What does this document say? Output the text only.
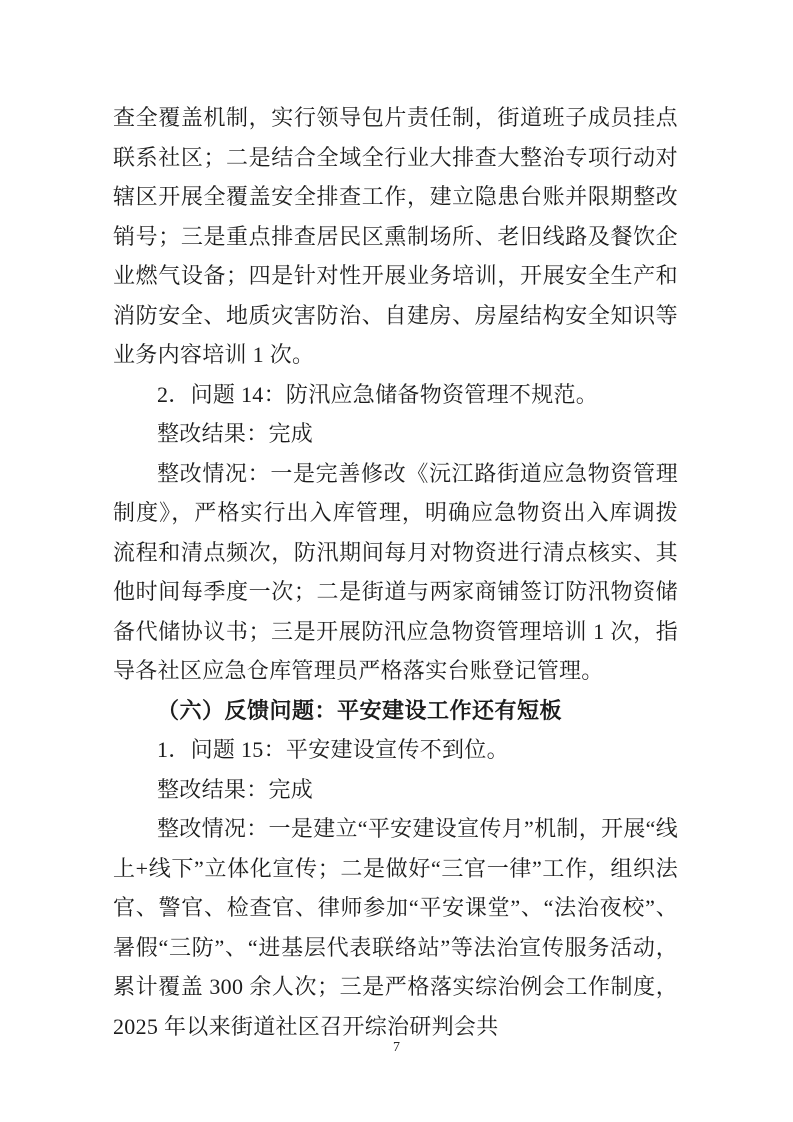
查全覆盖机制，实行领导包片责任制，街道班子成员挂点联系社区；二是结合全域全行业大排查大整治专项行动对辖区开展全覆盖安全排查工作，建立隐患台账并限期整改销号；三是重点排查居民区熏制场所、老旧线路及餐饮企业燃气设备；四是针对性开展业务培训，开展安全生产和消防安全、地质灾害防治、自建房、房屋结构安全知识等业务内容培训 1 次。

2．问题 14：防汛应急储备物资管理不规范。

整改结果：完成

整改情况：一是完善修改《沅江路街道应急物资管理制度》，严格实行出入库管理，明确应急物资出入库调拨流程和清点频次，防汛期间每月对物资进行清点核实、其他时间每季度一次；二是街道与两家商铺签订防汛物资储备代储协议书；三是开展防汛应急物资管理培训 1 次，指导各社区应急仓库管理员严格落实台账登记管理。

（六）反馈问题：平安建设工作还有短板

1．问题 15：平安建设宣传不到位。

整改结果：完成

整改情况：一是建立“平安建设宣传月”机制，开展“线上+线下”立体化宣传；二是做好“三官一律”工作，组织法官、警官、检查官、律师参加“平安课堂”、“法治夜校”、暑假“三防”、“进基层代表联络站”等法治宣传服务活动，累计覆盖 300 余人次；三是严格落实综治例会工作制度，2025 年以来街道社区召开综治研判会共

7
